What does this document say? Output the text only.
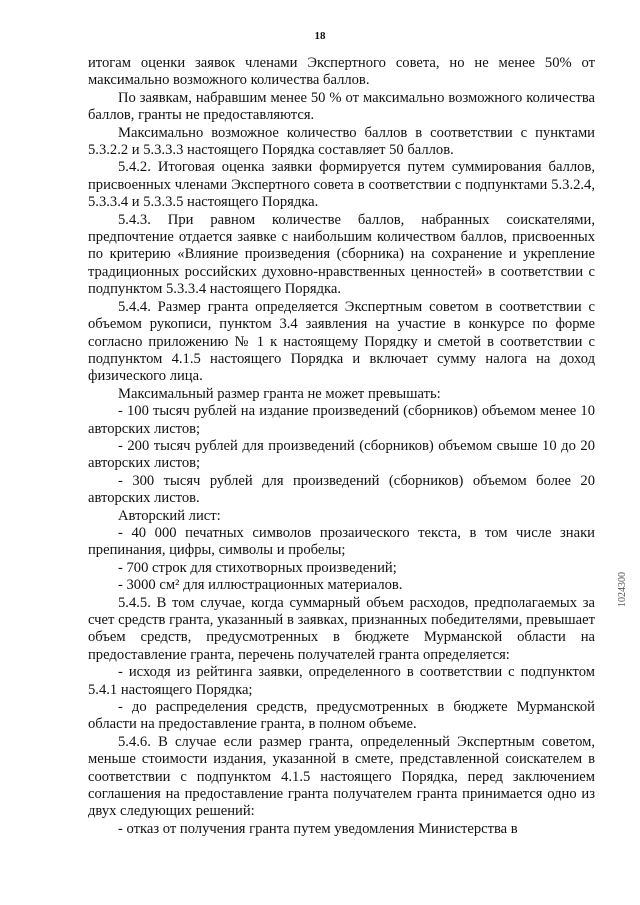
18

итогам оценки заявок членами Экспертного совета, но не менее 50% от максимально возможного количества баллов.

По заявкам, набравшим менее 50 % от максимально возможного количества баллов, гранты не предоставляются.

Максимально возможное количество баллов в соответствии с пунктами 5.3.2.2 и 5.3.3.3 настоящего Порядка составляет 50 баллов.

5.4.2. Итоговая оценка заявки формируется путем суммирования баллов, присвоенных членами Экспертного совета в соответствии с подпунктами 5.3.2.4, 5.3.3.4 и 5.3.3.5 настоящего Порядка.

5.4.3. При равном количестве баллов, набранных соискателями, предпочтение отдается заявке с наибольшим количеством баллов, присвоенных по критерию «Влияние произведения (сборника) на сохранение и укрепление традиционных российских духовно-нравственных ценностей» в соответствии с подпунктом 5.3.3.4 настоящего Порядка.

5.4.4. Размер гранта определяется Экспертным советом в соответствии с объемом рукописи, пунктом 3.4 заявления на участие в конкурсе по форме согласно приложению № 1 к настоящему Порядку и сметой в соответствии с подпунктом 4.1.5 настоящего Порядка и включает сумму налога на доход физического лица.

Максимальный размер гранта не может превышать:

- 100 тысяч рублей на издание произведений (сборников) объемом менее 10 авторских листов;

- 200 тысяч рублей для произведений (сборников) объемом свыше 10 до 20 авторских листов;

- 300 тысяч рублей для произведений (сборников) объемом более 20 авторских листов.

Авторский лист:

- 40 000 печатных символов прозаического текста, в том числе знаки препинания, цифры, символы и пробелы;

- 700 строк для стихотворных произведений;

- 3000 см² для иллюстрационных материалов.

5.4.5. В том случае, когда суммарный объем расходов, предполагаемых за счет средств гранта, указанный в заявках, признанных победителями, превышает объем средств, предусмотренных в бюджете Мурманской области на предоставление гранта, перечень получателей гранта определяется:

- исходя из рейтинга заявки, определенного в соответствии с подпунктом 5.4.1 настоящего Порядка;

- до распределения средств, предусмотренных в бюджете Мурманской области на предоставление гранта, в полном объеме.

5.4.6. В случае если размер гранта, определенный Экспертным советом, меньше стоимости издания, указанной в смете, представленной соискателем в соответствии с подпунктом 4.1.5 настоящего Порядка, перед заключением соглашения на предоставление гранта получателем гранта принимается одно из двух следующих решений:

- отказ от получения гранта путем уведомления Министерства в

1024300
